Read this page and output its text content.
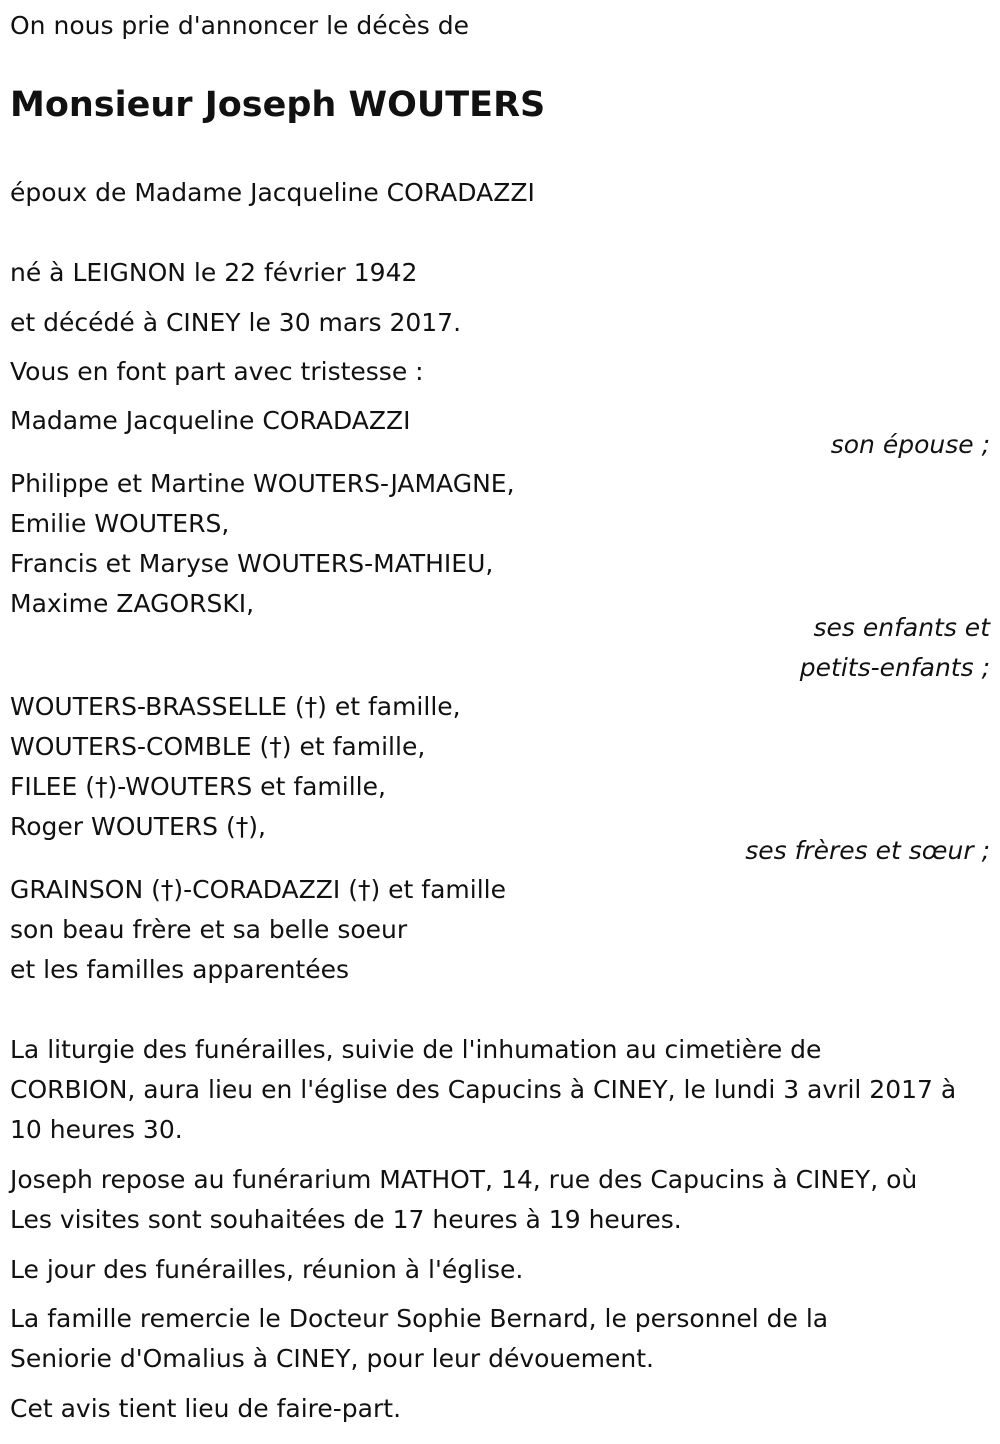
On nous prie d'annoncer le décès de
Monsieur Joseph WOUTERS
époux de Madame Jacqueline CORADAZZI
né à LEIGNON le 22 février 1942
et décédé à CINEY le 30 mars 2017.
Vous en font part avec tristesse :
Madame Jacqueline CORADAZZI
son épouse ;
Philippe et Martine WOUTERS-JAMAGNE,
Emilie WOUTERS,
Francis et Maryse WOUTERS-MATHIEU,
Maxime ZAGORSKI,
ses enfants et
petits-enfants ;
WOUTERS-BRASSELLE (†) et famille,
WOUTERS-COMBLE (†) et famille,
FILEE (†)-WOUTERS et famille,
Roger WOUTERS (†),
ses frères et sœur ;
GRAINSON (†)-CORADAZZI (†) et famille
son beau frère et sa belle soeur
et les familles apparentées
La liturgie des funérailles, suivie de l'inhumation au cimetière de
CORBION, aura lieu en l'église des Capucins à CINEY, le lundi 3 avril 2017 à
10 heures 30.
Joseph repose au funérarium MATHOT, 14, rue des Capucins à CINEY, où
Les visites sont souhaitées de 17 heures à 19 heures.
Le jour des funérailles, réunion à l'église.
La famille remercie le Docteur Sophie Bernard, le personnel de la
Seniorie d'Omalius à CINEY, pour leur dévouement.
Cet avis tient lieu de faire-part.
